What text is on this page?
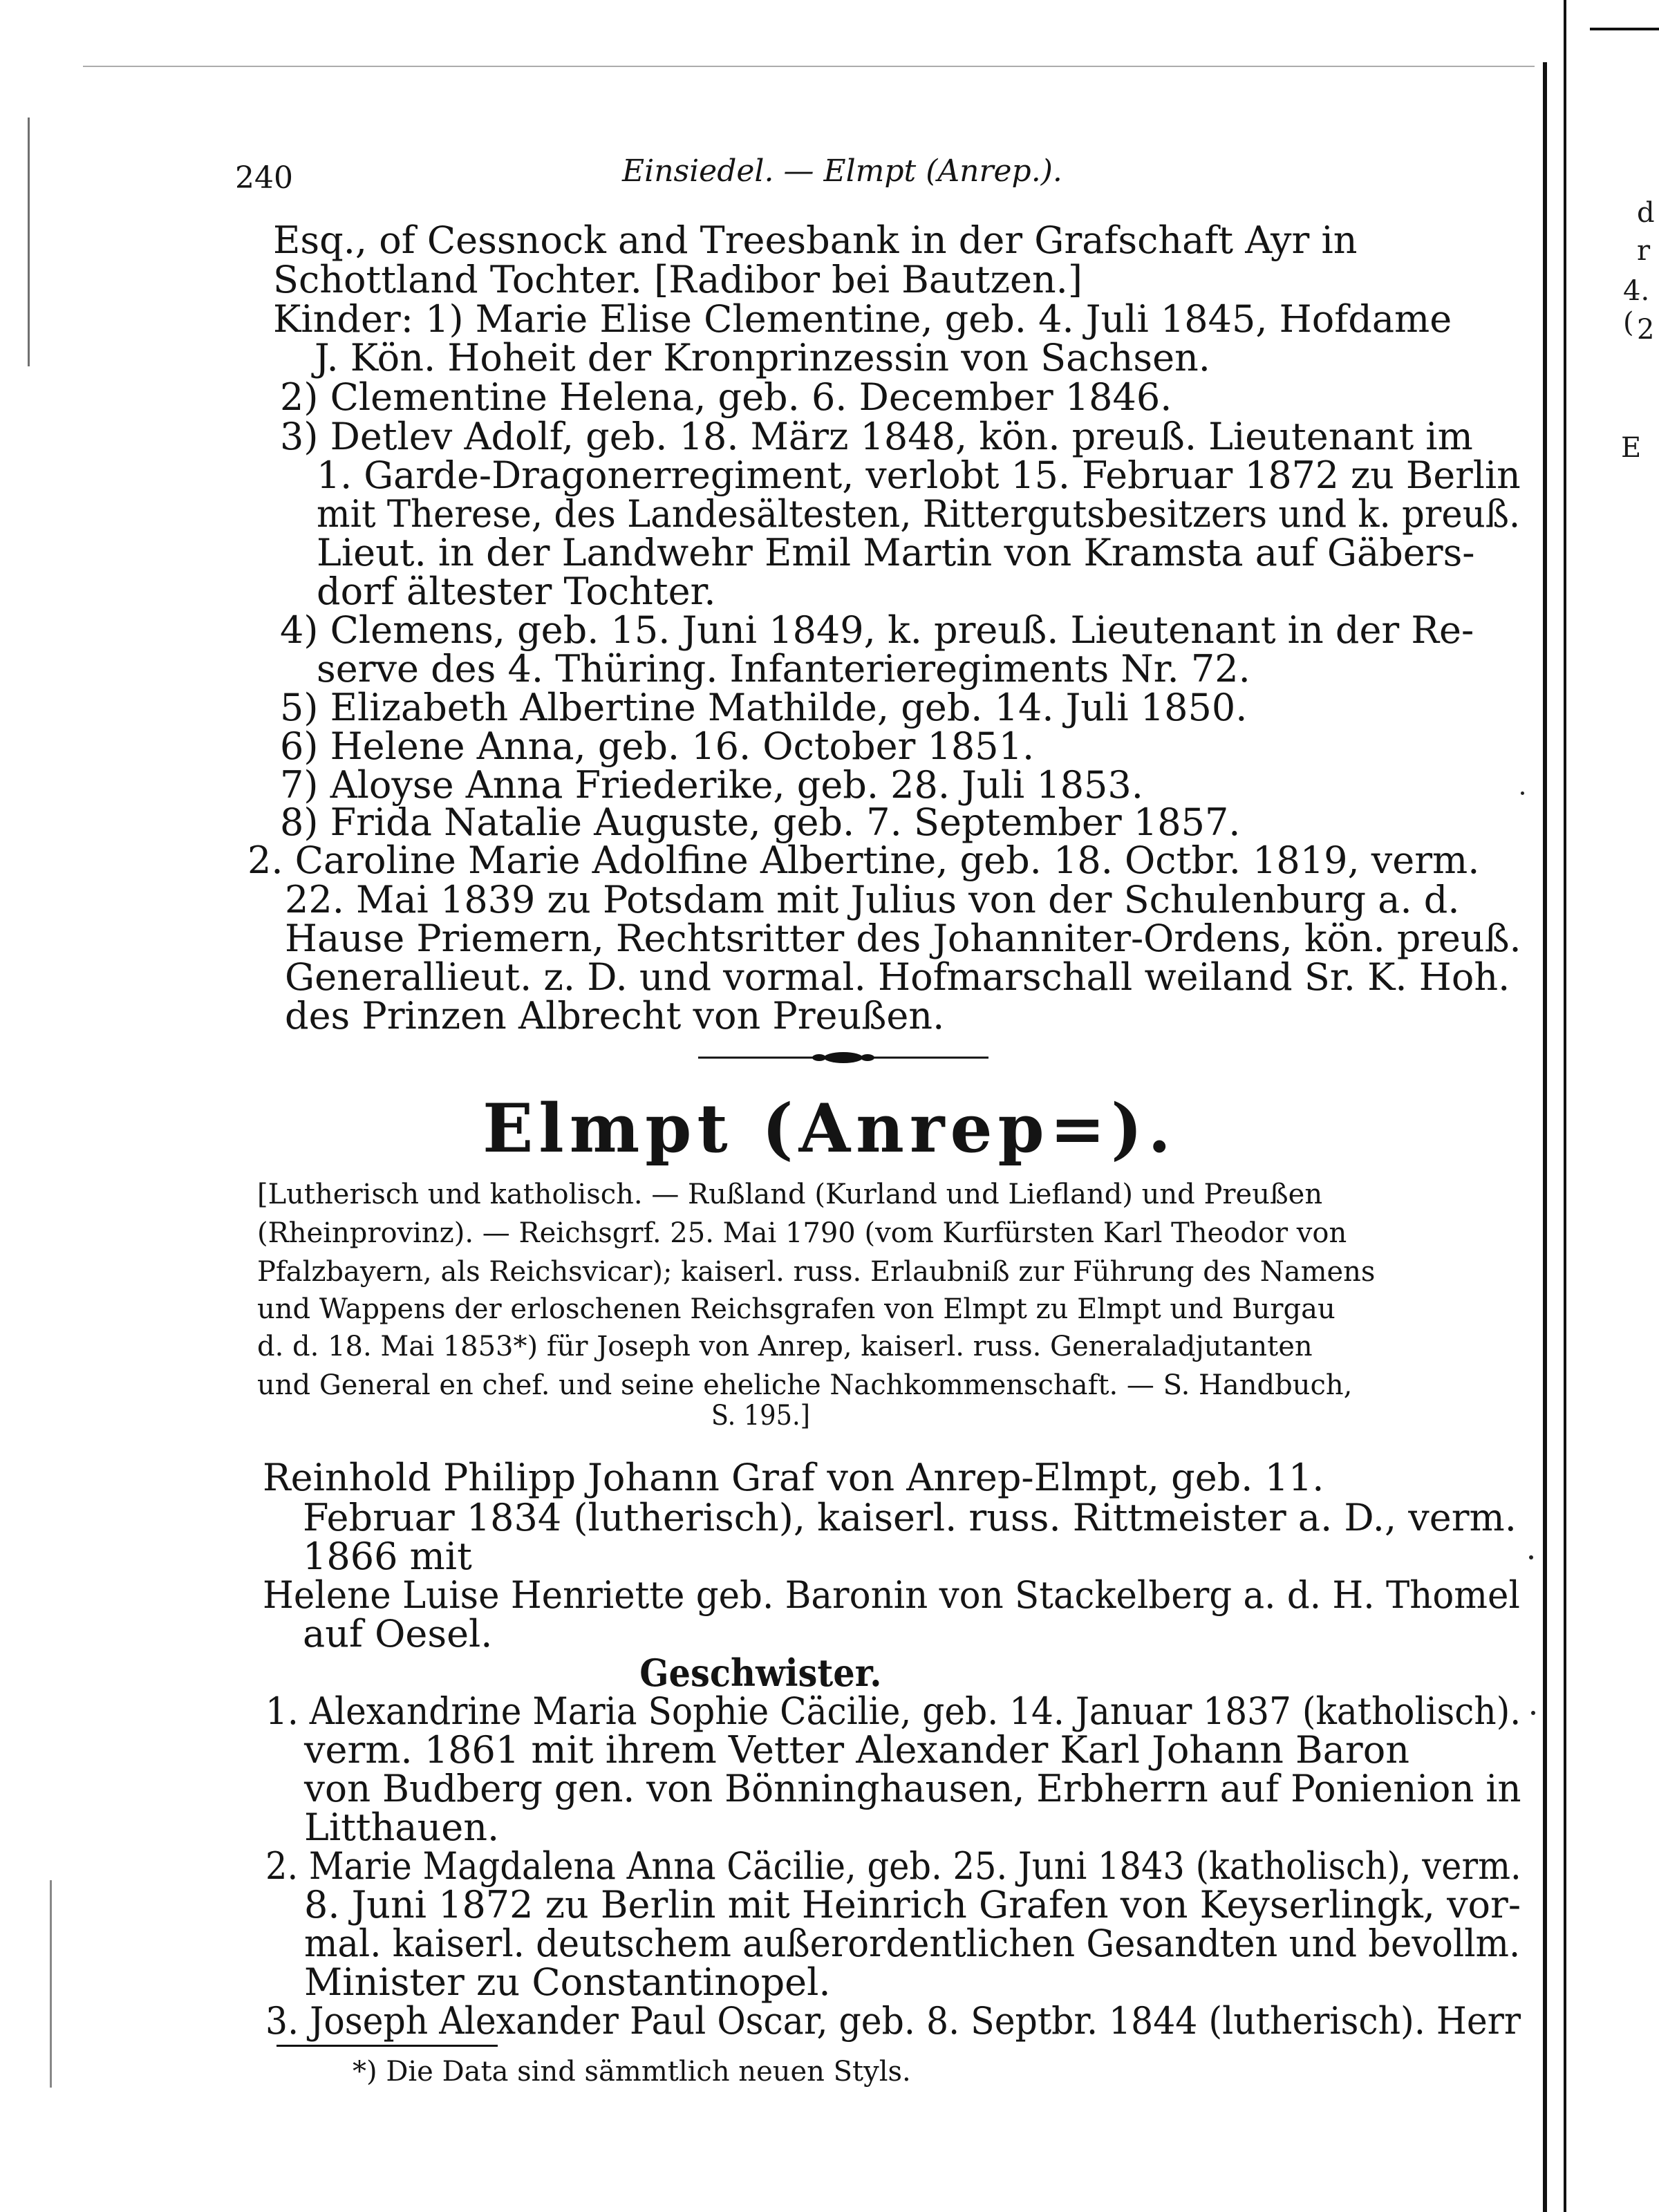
d
r
4. ( 2
E
240	Einsiedel. — Elmpt (Anrep.).
Esq., of Cessnock and Treesbank in der Grafschaft Ayr in
Schottland Tochter. [Radibor bei Bautzen.]
Kinder: 1) Marie Elise Clementine, geb. 4. Juli 1845, Hofdame
J. Kön. Hoheit der Kronprinzessin von Sachsen.
2) Clementine Helena, geb. 6. December 1846.
3) Detlev Adolf, geb. 18. März 1848, kön. preuß. Lieutenant im
1. Garde-Dragonerregiment, verlobt 15. Februar 1872 zu Berlin
mit Therese, des Landesältesten, Rittergutsbesitzers und k. preuß.
Lieut. in der Landwehr Emil Martin von Kramsta auf Gäbers-
dorf ältester Tochter.
4) Clemens, geb. 15. Juni 1849, k. preuß. Lieutenant in der Re-
serve des 4. Thüring. Infanterieregiments Nr. 72.
5) Elizabeth Albertine Mathilde, geb. 14. Juli 1850.
6) Helene Anna, geb. 16. October 1851.
7) Aloyse Anna Friederike, geb. 28. Juli 1853.
8) Frida Natalie Auguste, geb. 7. September 1857.
2. Caroline Marie Adolfine Albertine, geb. 18. Octbr. 1819, verm.
22. Mai 1839 zu Potsdam mit Julius von der Schulenburg a. d.
Hause Priemern, Rechtsritter des Johanniter-Ordens, kön. preuß.
Generallieut. z. D. und vormal. Hofmarschall weiland Sr. K. Hoh.
des Prinzen Albrecht von Preußen.
Elmpt (Anrep=).
[Lutherisch und katholisch. — Rußland (Kurland und Liefland) und Preußen
(Rheinprovinz). — Reichsgrf. 25. Mai 1790 (vom Kurfürsten Karl Theodor von
Pfalzbayern, als Reichsvicar); kaiserl. russ. Erlaubniß zur Führung des Namens
und Wappens der erloschenen Reichsgrafen von Elmpt zu Elmpt und Burgau
d. d. 18. Mai 1853*) für Joseph von Anrep, kaiserl. russ. Generaladjutanten
und General en chef. und seine eheliche Nachkommenschaft. — S. Handbuch,
S. 195.]
Reinhold Philipp Johann Graf von Anrep-Elmpt, geb. 11.
Februar 1834 (lutherisch), kaiserl. russ. Rittmeister a. D., verm.
1866 mit
Helene Luise Henriette geb. Baronin von Stackelberg a. d. H. Thomel
auf Oesel.
Geschwister.
1. Alexandrine Maria Sophie Cäcilie, geb. 14. Januar 1837 (katholisch).
verm. 1861 mit ihrem Vetter Alexander Karl Johann Baron
von Budberg gen. von Bönninghausen, Erbherrn auf Ponienion in
Litthauen.
2. Marie Magdalena Anna Cäcilie, geb. 25. Juni 1843 (katholisch), verm.
8. Juni 1872 zu Berlin mit Heinrich Grafen von Keyserlingk, vor-
mal. kaiserl. deutschem außerordentlichen Gesandten und bevollm.
Minister zu Constantinopel.
3. Joseph Alexander Paul Oscar, geb. 8. Septbr. 1844 (lutherisch). Herr
*) Die Data sind sämmtlich neuen Styls.
